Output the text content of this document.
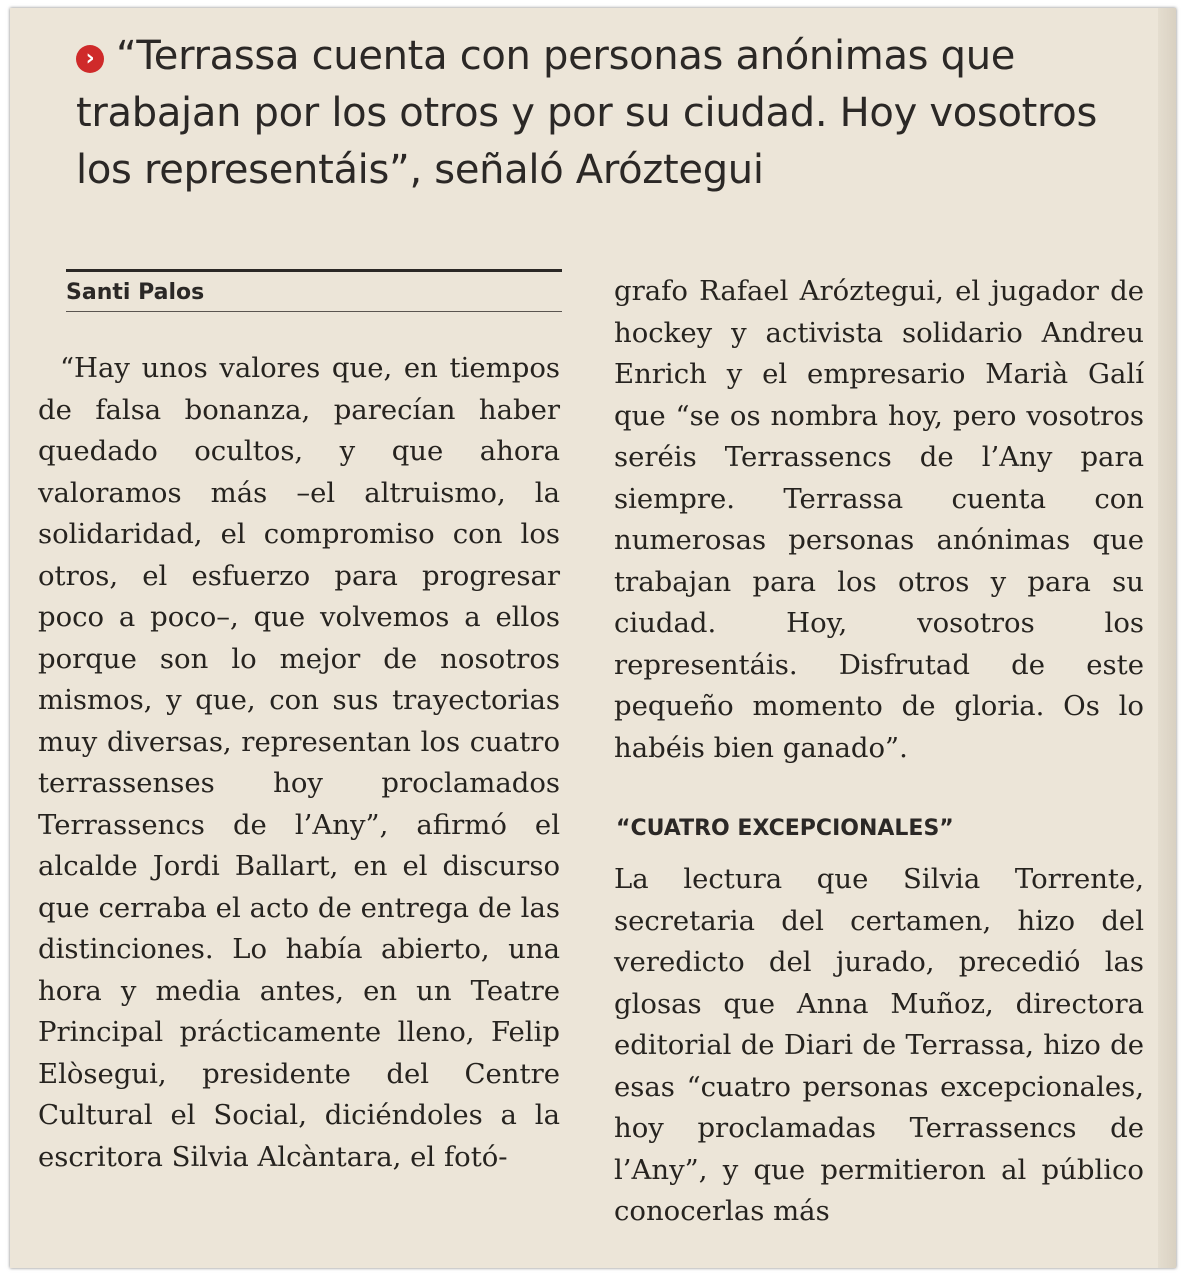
› “Terrassa cuenta con personas anónimas que trabajan por los otros y por su ciudad. Hoy vosotros los representáis”, señaló Aróztegui
Santi Palos

“Hay unos valores que, en tiempos de falsa bonanza, parecían haber quedado ocultos, y que ahora valoramos más –el altruismo, la solidaridad, el compromiso con los otros, el esfuerzo para progresar poco a poco–, que volvemos a ellos porque son lo mejor de nosotros mismos, y que, con sus trayectorias muy diversas, representan los cuatro terrassenses hoy proclamados Terrassencs de l’Any”, afirmó el alcalde Jordi Ballart, en el discurso que cerraba el acto de entrega de las distinciones. Lo había abierto, una hora y media antes, en un Teatre Principal prácticamente lleno, Felip Elòsegui, presidente del Centre Cultural el Social, diciéndoles a la escritora Silvia Alcàntara, el fotó-

grafo Rafael Aróztegui, el jugador de hockey y activista solidario Andreu Enrich y el empresario Marià Galí que “se os nombra hoy, pero vosotros seréis Terrassencs de l’Any para siempre. Terrassa cuenta con numerosas personas anónimas que trabajan para los otros y para su ciudad. Hoy, vosotros los representáis. Disfrutad de este pequeño momento de gloria. Os lo habéis bien ganado”.

“CUATRO EXCEPCIONALES”

La lectura que Silvia Torrente, secretaria del certamen, hizo del veredicto del jurado, precedió las glosas que Anna Muñoz, directora editorial de Diari de Terrassa, hizo de esas “cuatro personas excepcionales, hoy proclamadas Terrassencs de l’Any”, y que permitieron al público conocerlas más
